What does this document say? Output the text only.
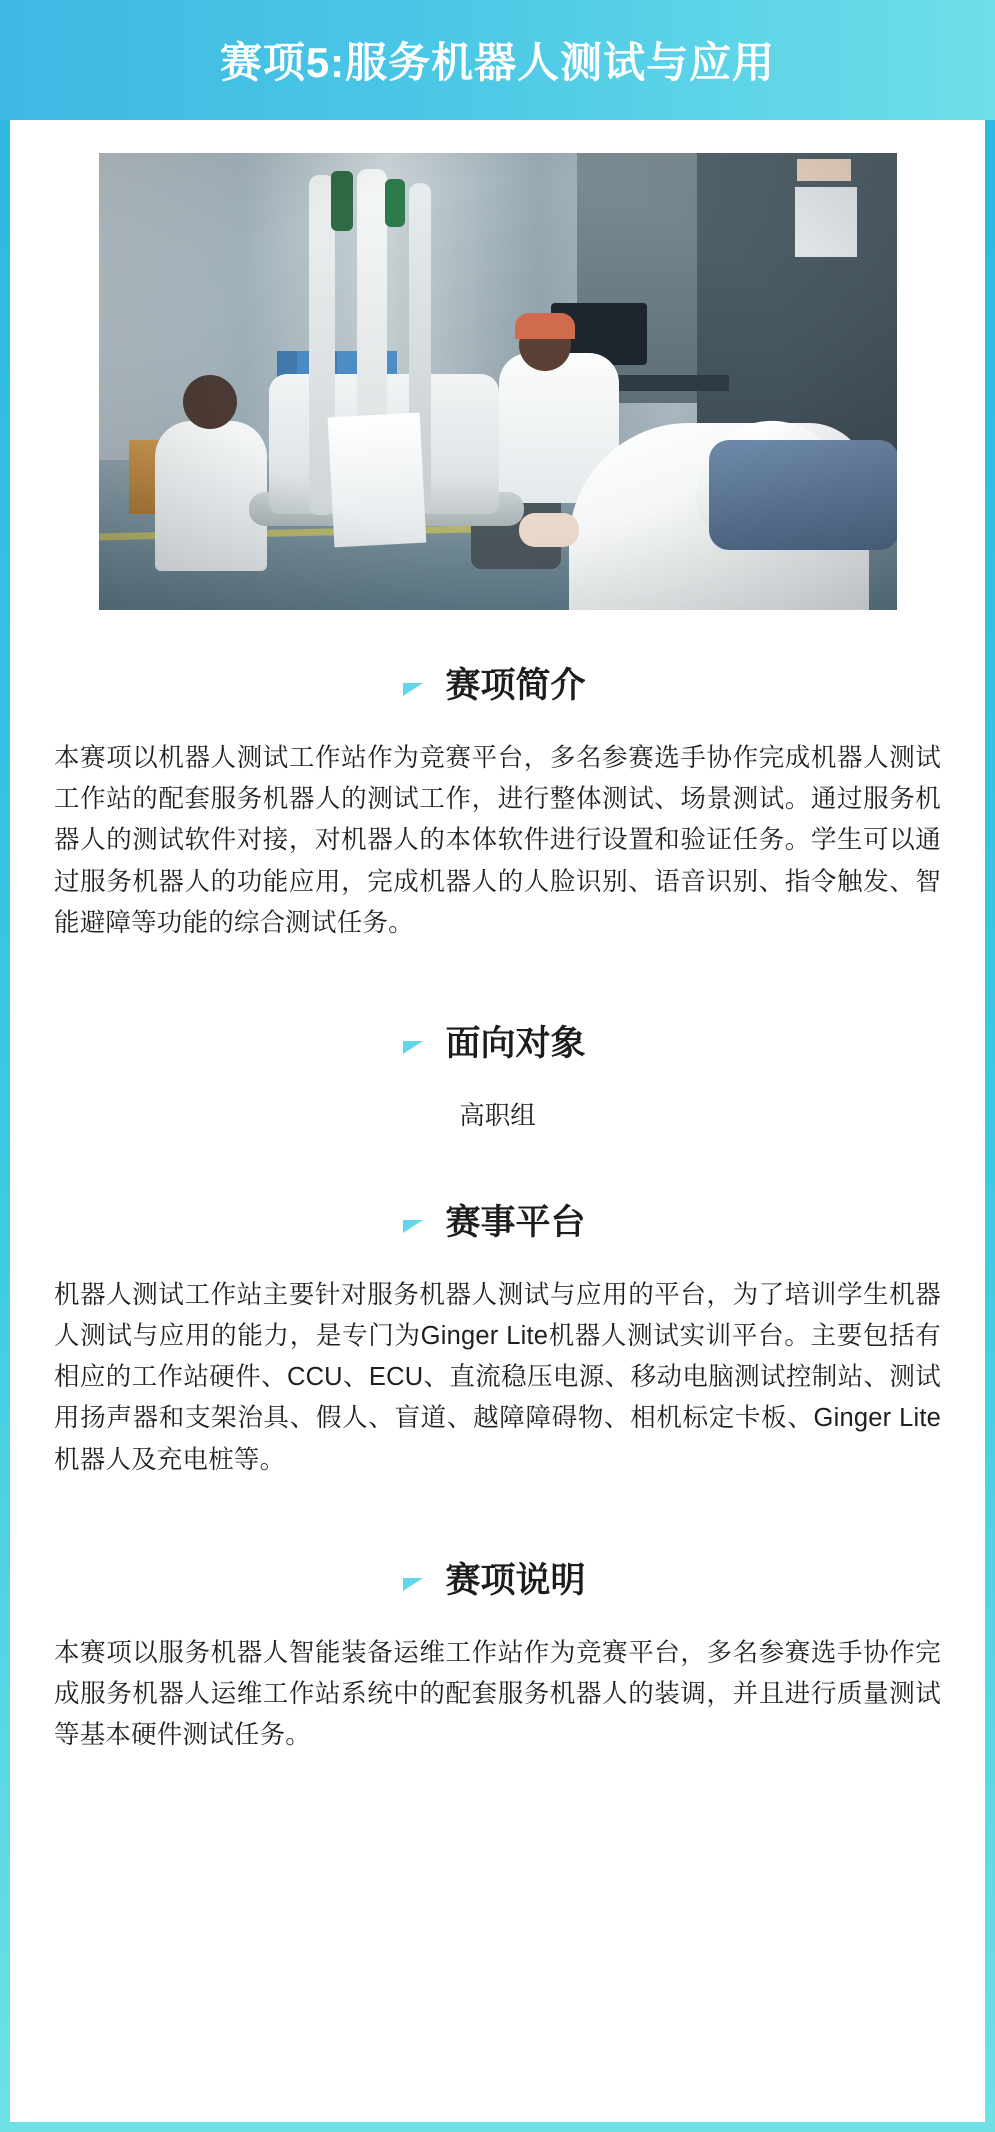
赛项5:服务机器人测试与应用
赛项简介
本赛项以机器人测试工作站作为竞赛平台，多名参赛选手协作完成机器人测试工作站的配套服务机器人的测试工作，进行整体测试、场景测试。通过服务机器人的测试软件对接，对机器人的本体软件进行设置和验证任务。学生可以通过服务机器人的功能应用，完成机器人的人脸识别、语音识别、指令触发、智能避障等功能的综合测试任务。
面向对象
高职组
赛事平台
机器人测试工作站主要针对服务机器人测试与应用的平台，为了培训学生机器人测试与应用的能力，是专门为Ginger Lite机器人测试实训平台。主要包括有相应的工作站硬件、CCU、ECU、直流稳压电源、移动电脑测试控制站、测试用扬声器和支架治具、假人、盲道、越障障碍物、相机标定卡板、Ginger Lite机器人及充电桩等。
赛项说明
本赛项以服务机器人智能装备运维工作站作为竞赛平台，多名参赛选手协作完成服务机器人运维工作站系统中的配套服务机器人的装调，并且进行质量测试等基本硬件测试任务。
